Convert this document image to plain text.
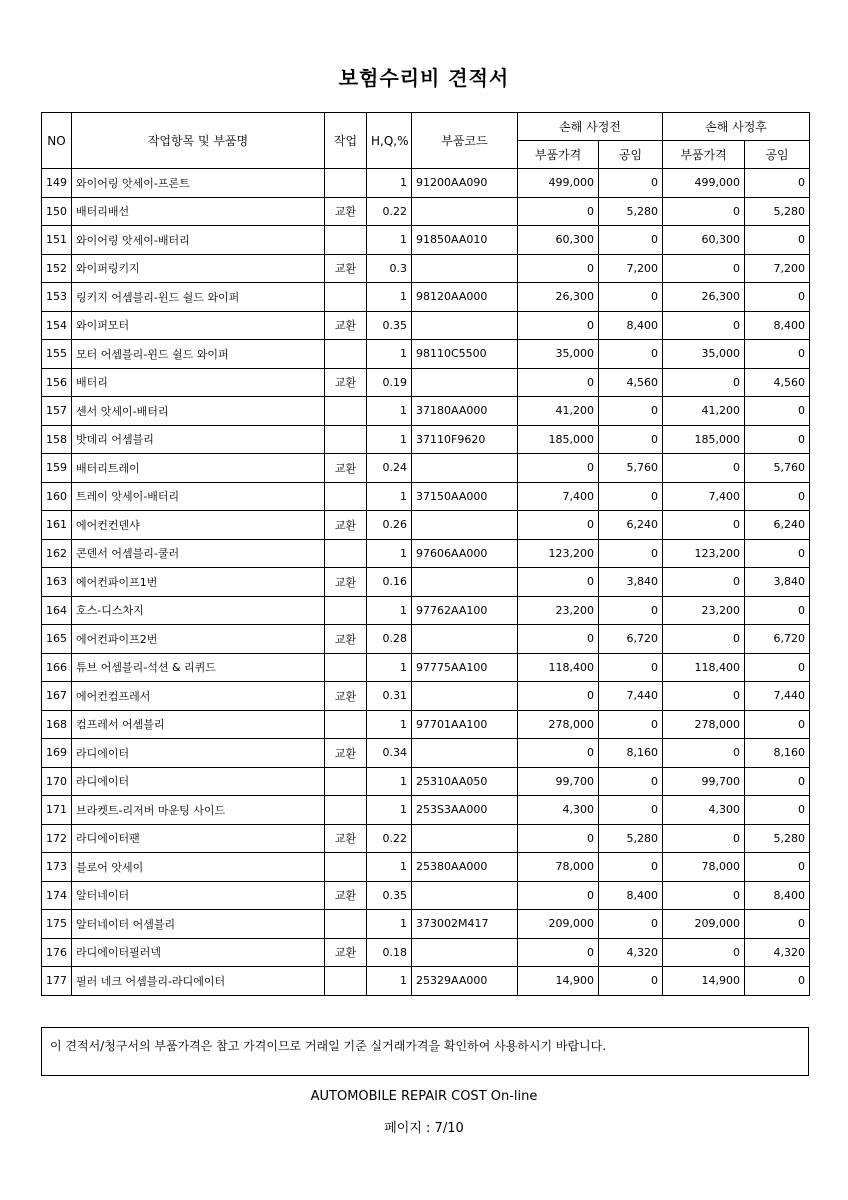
보험수리비 견적서
NO	작업항목 및 부품명	작업	H,Q,%	부품코드	손해 사정전		손해 사정후	
					부품가격	공임	부품가격	공임
149	와이어링 앗세이-프론트		1	91200AA090	499,000	0	499,000	0
150	배터리배선	교환	0.22		0	5,280	0	5,280
151	와이어링 앗세이-배터리		1	91850AA010	60,300	0	60,300	0
152	와이퍼링키지	교환	0.3		0	7,200	0	7,200
153	링키지 어셈블리-윈드 쉴드 와이퍼		1	98120AA000	26,300	0	26,300	0
154	와이퍼모터	교환	0.35		0	8,400	0	8,400
155	모터 어셈블리-윈드 쉴드 와이퍼		1	98110C5500	35,000	0	35,000	0
156	배터리	교환	0.19		0	4,560	0	4,560
157	센서 앗세이-배터리		1	37180AA000	41,200	0	41,200	0
158	밧데리 어셈블리		1	37110F9620	185,000	0	185,000	0
159	배터리트레이	교환	0.24		0	5,760	0	5,760
160	트레이 앗세이-배터리		1	37150AA000	7,400	0	7,400	0
161	에어컨컨덴샤	교환	0.26		0	6,240	0	6,240
162	콘덴서 어셈블리-쿨러		1	97606AA000	123,200	0	123,200	0
163	에어컨파이프1번	교환	0.16		0	3,840	0	3,840
164	호스-디스차지		1	97762AA100	23,200	0	23,200	0
165	에어컨파이프2번	교환	0.28		0	6,720	0	6,720
166	튜브 어셈블리-석션 & 리퀴드		1	97775AA100	118,400	0	118,400	0
167	에어컨컴프레서	교환	0.31		0	7,440	0	7,440
168	컴프레서 어셈블리		1	97701AA100	278,000	0	278,000	0
169	라디에이터	교환	0.34		0	8,160	0	8,160
170	라디에이터		1	25310AA050	99,700	0	99,700	0
171	브라켓트-리저버 마운팅 사이드		1	253S3AA000	4,300	0	4,300	0
172	라디에이터팬	교환	0.22		0	5,280	0	5,280
173	블로어 앗세이		1	25380AA000	78,000	0	78,000	0
174	알터네이터	교환	0.35		0	8,400	0	8,400
175	알터네이터 어셈블리		1	373002M417	209,000	0	209,000	0
176	라디에이터필러넥	교환	0.18		0	4,320	0	4,320
177	필러 네크 어셈블리-라디에이터		1	25329AA000	14,900	0	14,900	0
이 견적서/청구서의 부품가격은 참고 가격이므로 거래일 기준 실거래가격을 확인하여 사용하시기 바랍니다.
AUTOMOBILE REPAIR COST On-line
페이지 : 7/10
